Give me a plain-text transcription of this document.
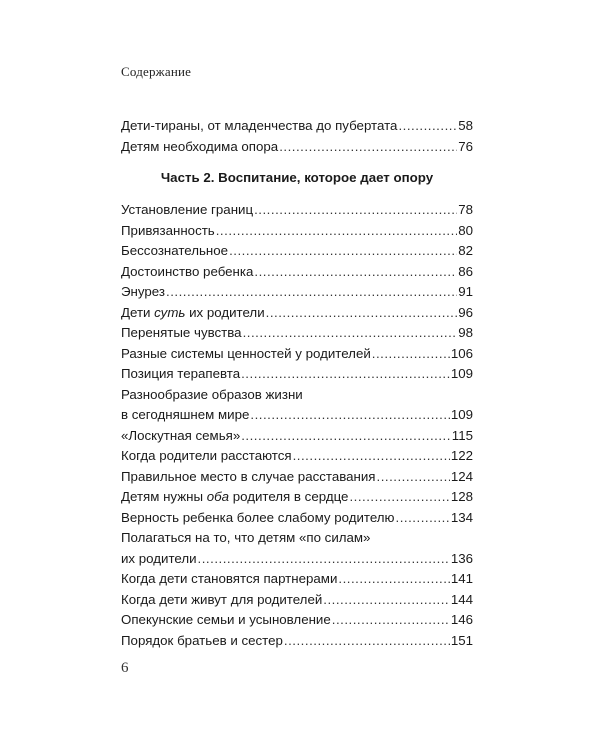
Содержание
Дети-тираны, от младенчества до пубертата .....	58
Детям необходима опора .....	76
Часть 2. Воспитание, которое дает опору
Установление границ .....	78
Привязанность .....	80
Бессознательное .....	82
Достоинство ребенка .....	86
Энурез .....	91
Дети суть их родители .....	96
Перенятые чувства .....	98
Разные системы ценностей у родителей .....	106
Позиция терапевта .....	109
Разнообразие образов жизни
в сегодняшнем мире .....	109
«Лоскутная семья» .....	115
Когда родители расстаются .....	122
Правильное место в случае расставания .....	124
Детям нужны оба родителя в сердце .....	128
Верность ребенка более слабому родителю .....	134
Полагаться на то, что детям «по силам»
их родители .....	136
Когда дети становятся партнерами .....	141
Когда дети живут для родителей .....	144
Опекунские семьи и усыновление .....	146
Порядок братьев и сестер .....	151
6
